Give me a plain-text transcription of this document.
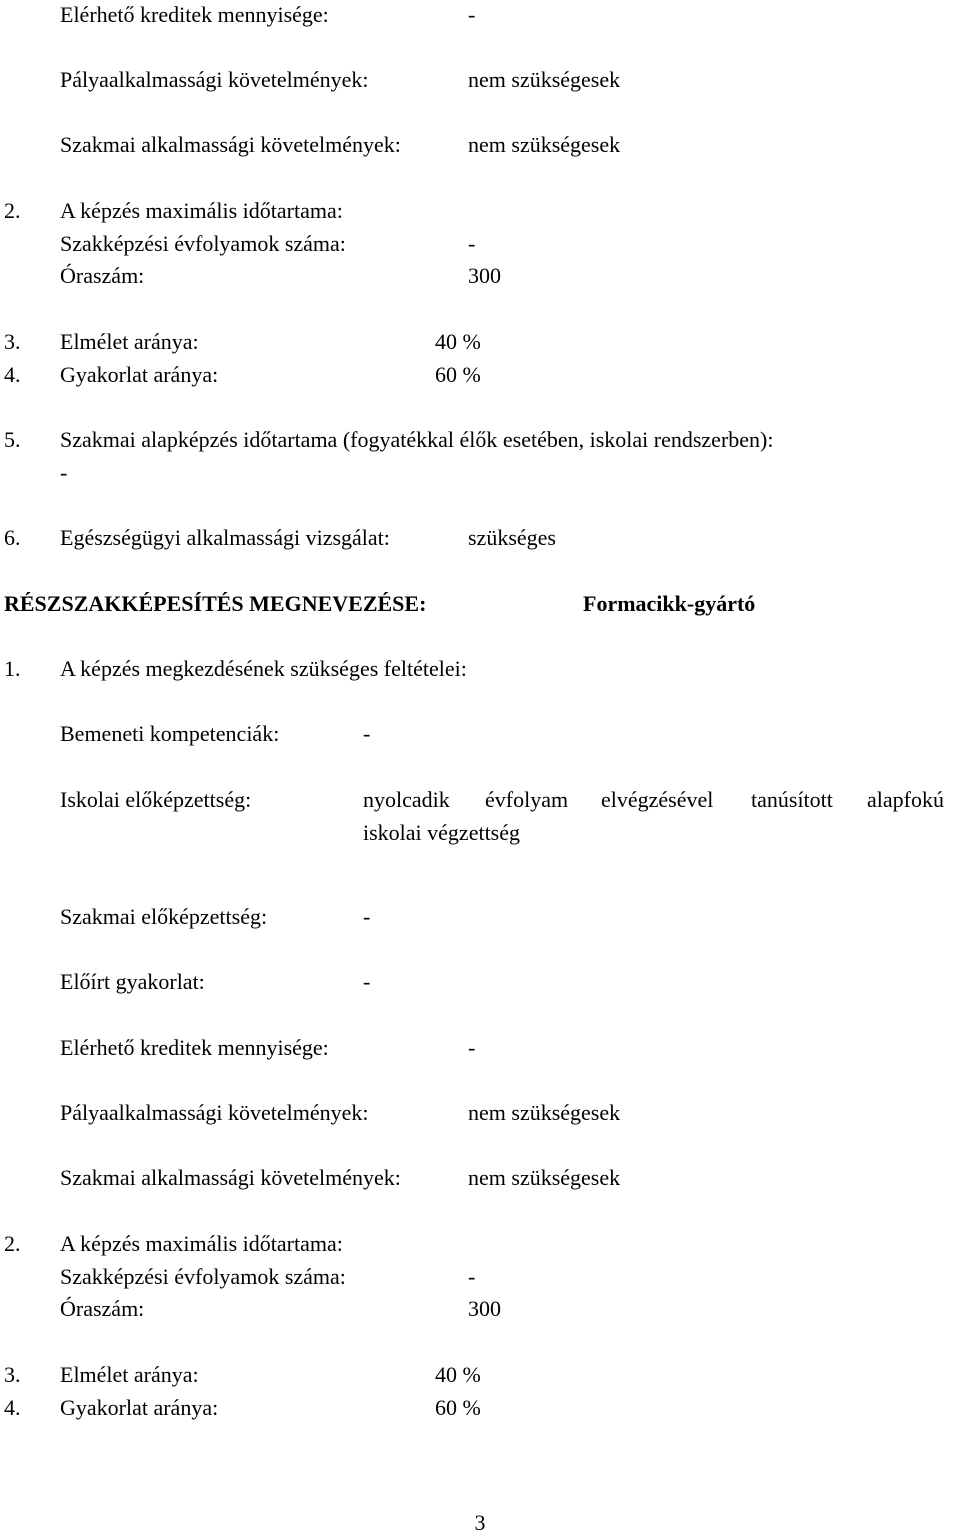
Elérhető kreditek mennyisége:	-
Pályaalkalmassági követelmények:	nem szükségesek
Szakmai alkalmassági követelmények:	nem szükségesek
2. A képzés maximális időtartama:
Szakképzési évfolyamok száma:	-
Óraszám:	300
3. Elmélet aránya:	40 %
4. Gyakorlat aránya:	60 %
5. Szakmai alapképzés időtartama (fogyatékkal élők esetében, iskolai rendszerben):
-
6. Egészségügyi alkalmassági vizsgálat:	szükséges
RÉSZSZAKKÉPESÍTÉS MEGNEVEZÉSE:	Formacikk-gyártó
1. A képzés megkezdésének szükséges feltételei:
Bemeneti kompetenciák:	-
Iskolai előképzettség:	nyolcadik évfolyam elvégzésével tanúsított alapfokú
iskolai végzettség
Szakmai előképzettség:	-
Előírt gyakorlat:	-
Elérhető kreditek mennyisége:	-
Pályaalkalmassági követelmények:	nem szükségesek
Szakmai alkalmassági követelmények:	nem szükségesek
2. A képzés maximális időtartama:
Szakképzési évfolyamok száma:	-
Óraszám:	300
3. Elmélet aránya:	40 %
4. Gyakorlat aránya:	60 %
3
